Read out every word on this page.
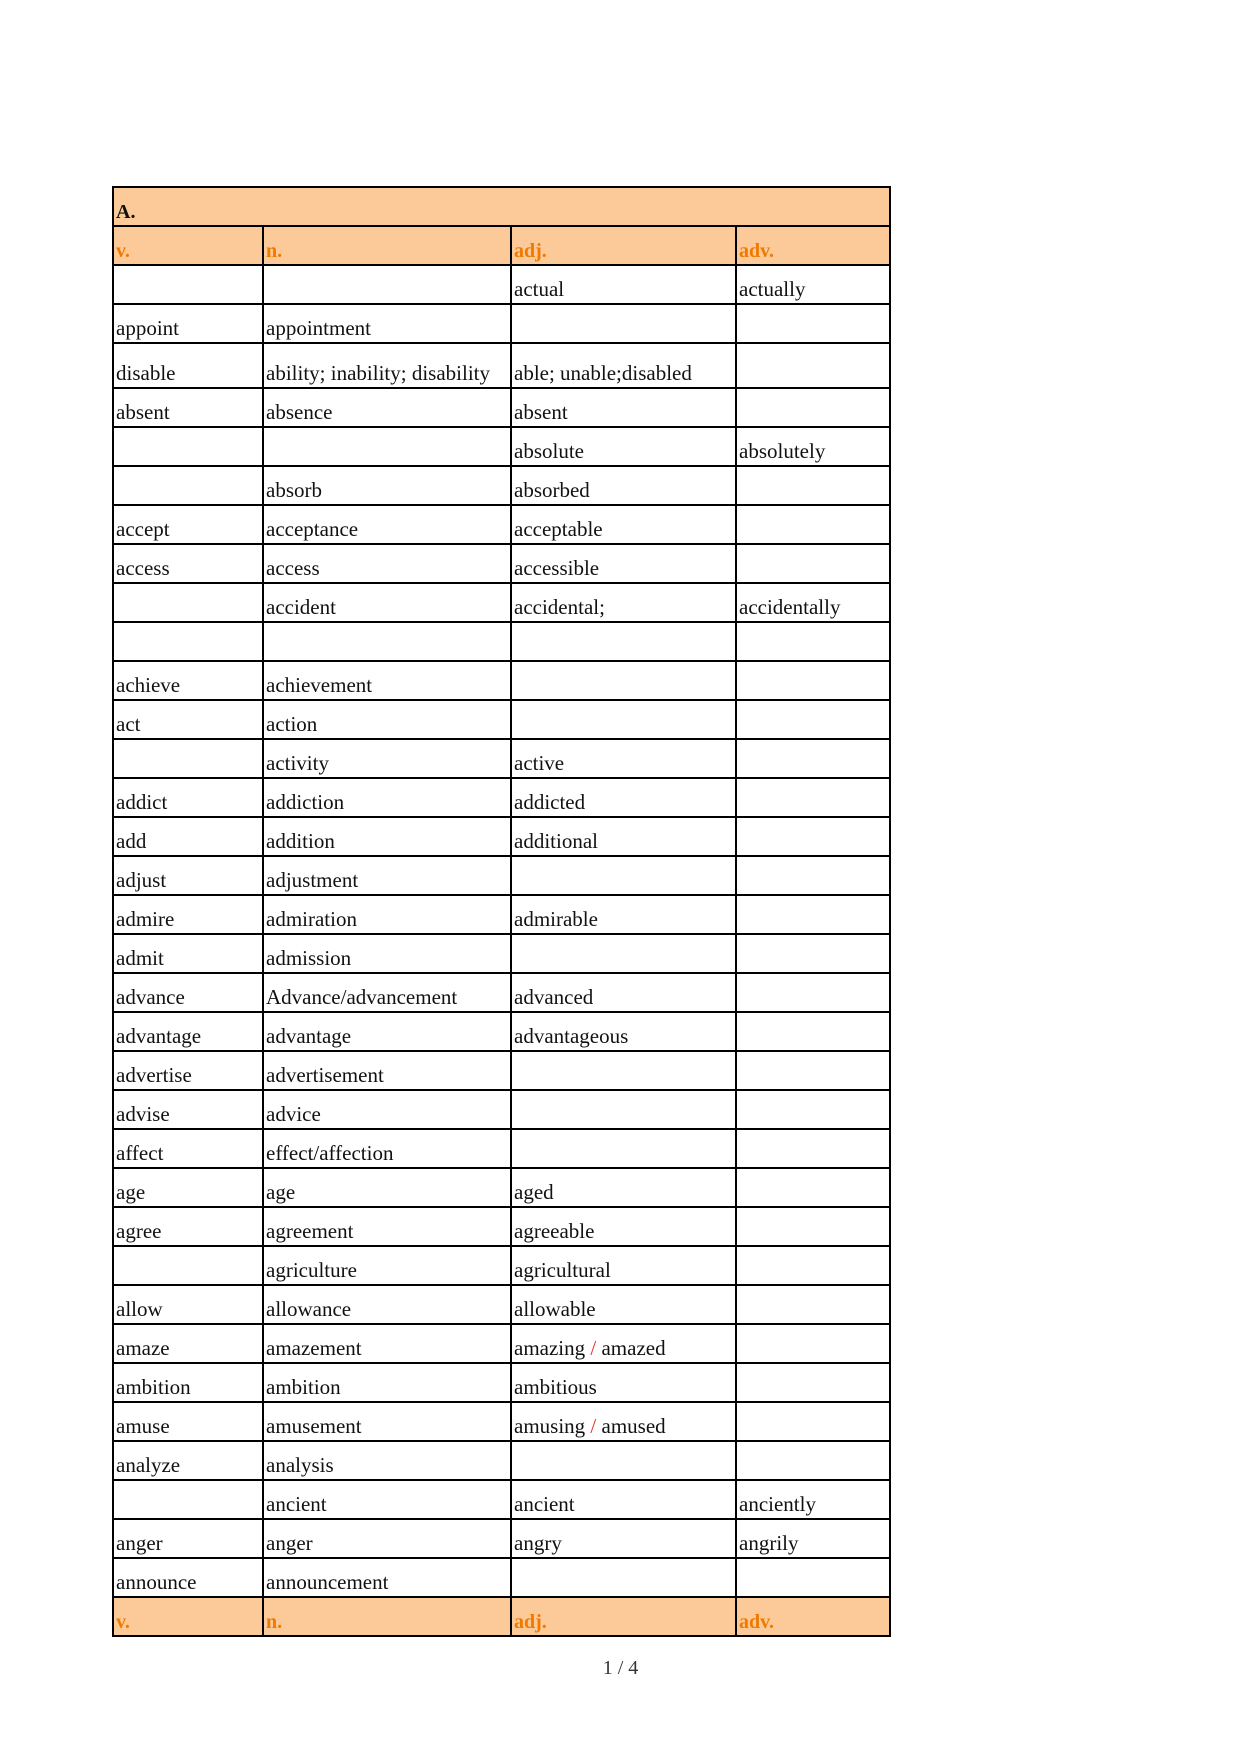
A.			
v.	n.	adj.	adv.
		actual	actually
appoint	appointment		
disable	ability; inability; disability	able; unable;disabled	
absent	absence	absent	
		absolute	absolutely
	absorb	absorbed	
accept	acceptance	acceptable	
access	access	accessible	
	accident	accidental;	accidentally

achieve	achievement		
act	action		
	activity	active	
addict	addiction	addicted	
add	addition	additional	
adjust	adjustment		
admire	admiration	admirable	
admit	admission		
advance	Advance/advancement	advanced	
advantage	advantage	advantageous	
advertise	advertisement		
advise	advice		
affect	effect/affection		
age	age	aged	
agree	agreement	agreeable	
	agriculture	agricultural	
allow	allowance	allowable	
amaze	amazement	amazing / amazed	
ambition	ambition	ambitious	
amuse	amusement	amusing / amused	
analyze	analysis		
	ancient	ancient	anciently
anger	anger	angry	angrily
announce	announcement		
v.	n.	adj.	adv.
1 / 4
